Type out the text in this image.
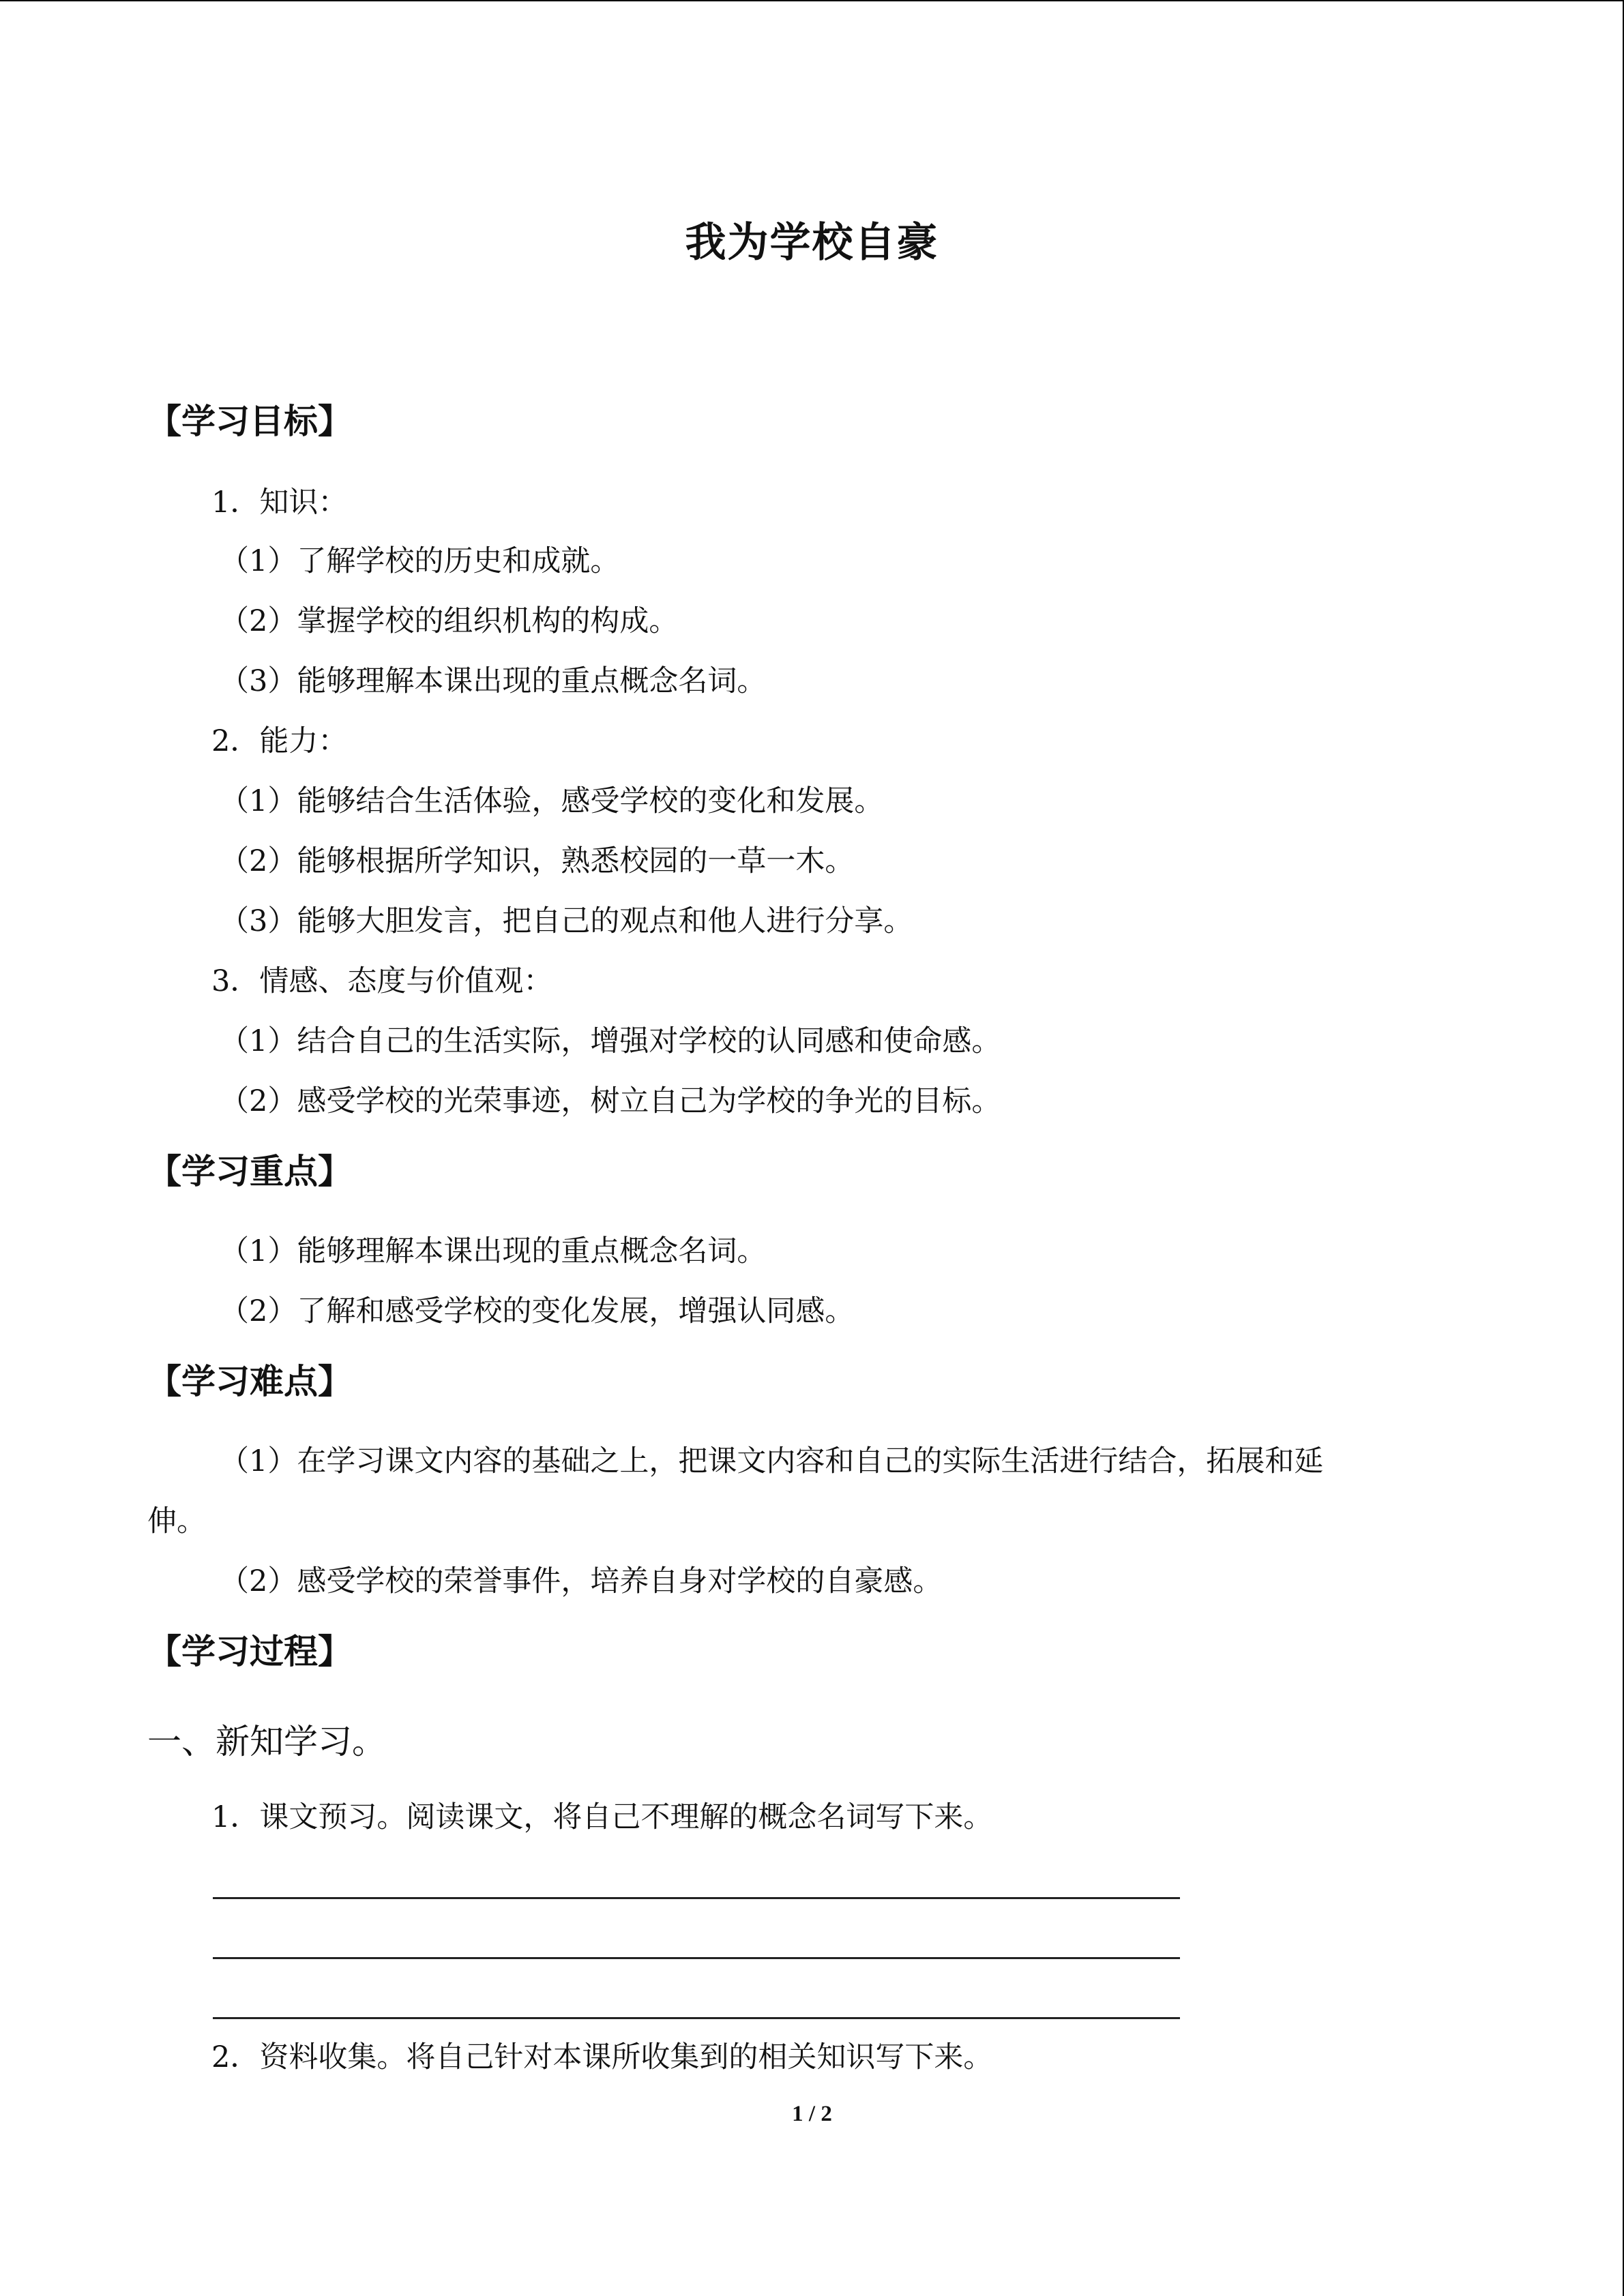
我为学校自豪
【学习目标】
1．知识：
（1）了解学校的历史和成就。
（2）掌握学校的组织机构的构成。
（3）能够理解本课出现的重点概念名词。
2．能力：
（1）能够结合生活体验，感受学校的变化和发展。
（2）能够根据所学知识，熟悉校园的一草一木。
（3）能够大胆发言，把自己的观点和他人进行分享。
3．情感、态度与价值观：
（1）结合自己的生活实际，增强对学校的认同感和使命感。
（2）感受学校的光荣事迹，树立自己为学校的争光的目标。
【学习重点】
（1）能够理解本课出现的重点概念名词。
（2）了解和感受学校的变化发展，增强认同感。
【学习难点】
（1）在学习课文内容的基础之上，把课文内容和自己的实际生活进行结合，拓展和延
伸。
（2）感受学校的荣誉事件，培养自身对学校的自豪感。
【学习过程】
一、新知学习。
1．课文预习。阅读课文，将自己不理解的概念名词写下来。
2．资料收集。将自己针对本课所收集到的相关知识写下来。
1 / 2
